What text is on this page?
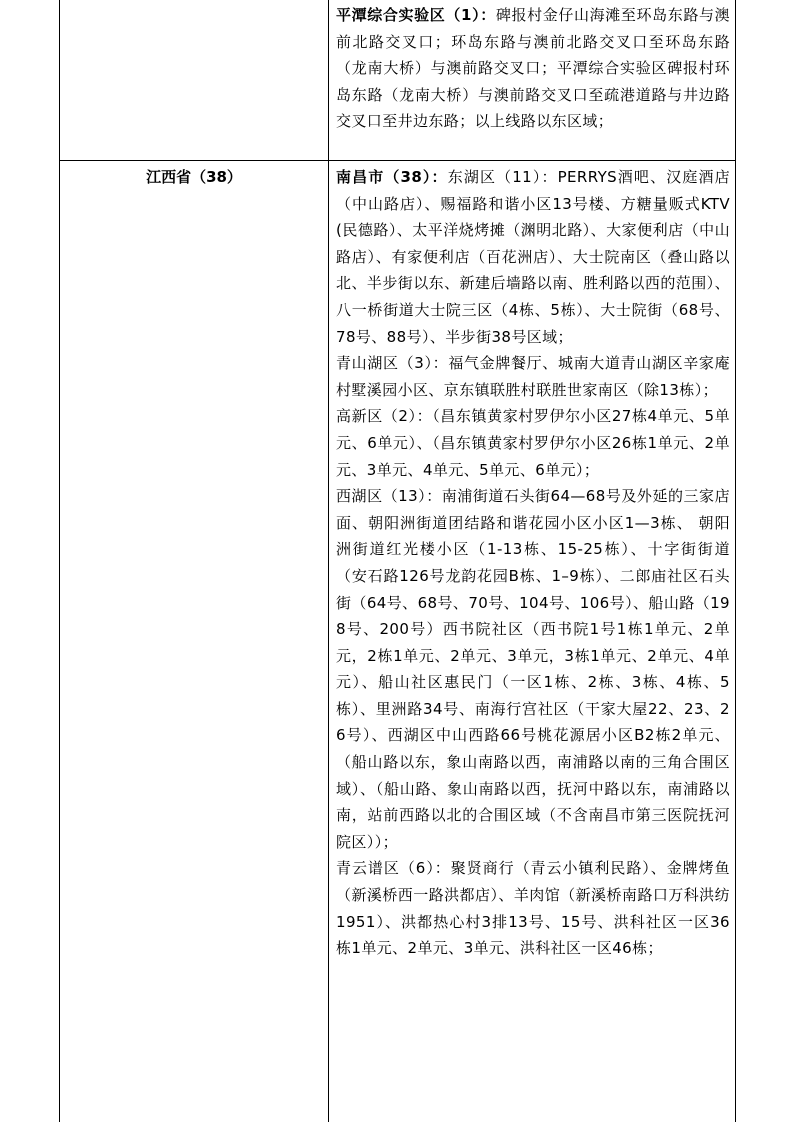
平潭综合实验区（1）：碑报村金仔山海滩至环岛东路与澳前北路交叉口；环岛东路与澳前北路交叉口至环岛东路（龙南大桥）与澳前路交叉口；平潭综合实验区碑报村环岛东路（龙南大桥）与澳前路交叉口至疏港道路与井边路交叉口至井边东路；以上线路以东区域；

江西省（38）	南昌市（38）：东湖区（11）：PERRYS酒吧、汉庭酒店（中山路店）、赐福路和谐小区13号楼、方糖量贩式KTV(民德路）、太平洋烧烤摊（渊明北路）、大家便利店（中山路店）、有家便利店（百花洲店）、大士院南区（叠山路以北、半步街以东、新建后墙路以南、胜利路以西的范围）、八一桥街道大士院三区（4栋、5栋）、大士院街（68号、78号、88号）、半步街38号区域；

青山湖区（3）：福气金牌餐厅、城南大道青山湖区辛家庵村墅溪园小区、京东镇联胜村联胜世家南区（除13栋）；

高新区（2）：（昌东镇黄家村罗伊尔小区27栋4单元、5单元、6单元）、（昌东镇黄家村罗伊尔小区26栋1单元、2单元、3单元、4单元、5单元、6单元）；

西湖区（13）：南浦街道石头街64—68号及外延的三家店面、朝阳洲街道团结路和谐花园小区小区1—3栋、 朝阳洲街道红光楼小区（1-13栋、15-25栋）、十字街街道（安石路126号龙韵花园B栋、1–9栋）、二郎庙社区石头街（64号、68号、70号、104号、106号）、船山路（198号、200号）西书院社区（西书院1号1栋1单元、2单元，2栋1单元、2单元、3单元，3栋1单元、2单元、4单元）、船山社区惠民门（一区1栋、2栋、3栋、4栋、5栋）、里洲路34号、南海行宫社区（干家大屋22、23、26号）、西湖区中山西路66号桃花源居小区B2栋2单元、（船山路以东，象山南路以西，南浦路以南的三角合围区域）、（船山路、象山南路以西，抚河中路以东，南浦路以南，站前西路以北的合围区域（不含南昌市第三医院抚河院区））；

青云谱区（6）：聚贤商行（青云小镇利民路）、金牌烤鱼（新溪桥西一路洪都店）、羊肉馆（新溪桥南路口万科洪纺1951）、洪都热心村3排13号、15号、洪科社区一区36栋1单元、2单元、3单元、洪科社区一区46栋；
